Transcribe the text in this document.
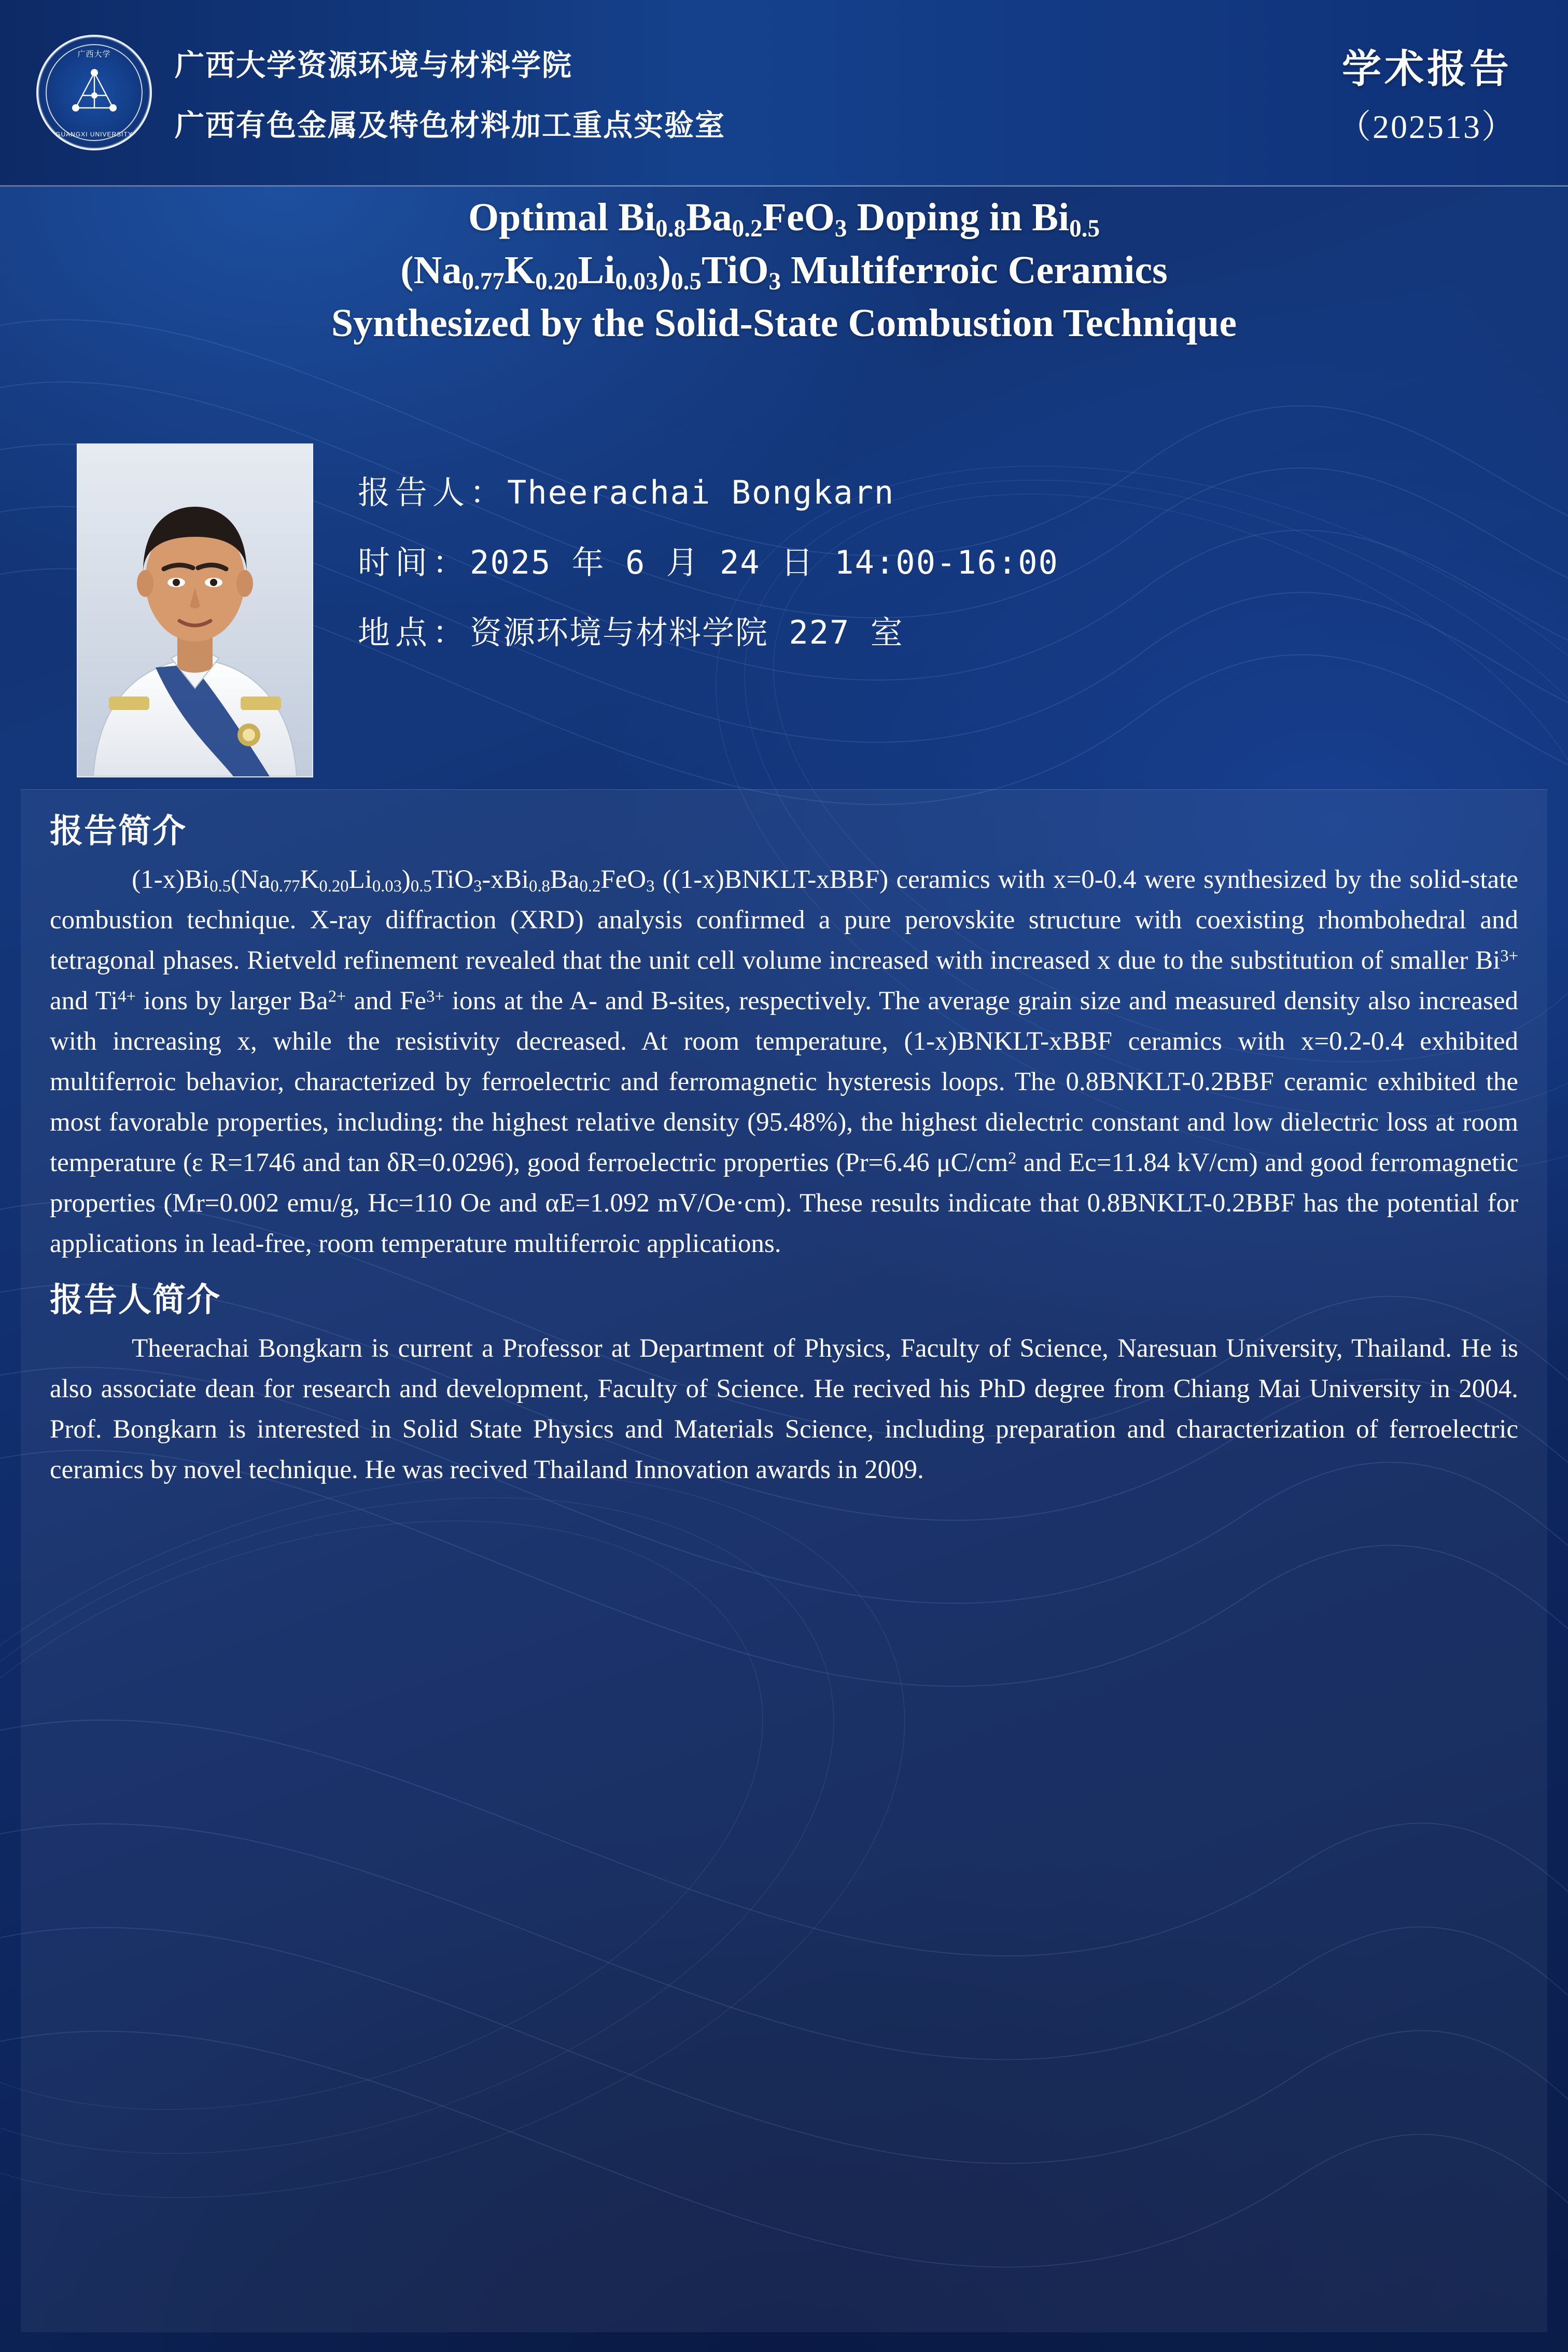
广西大学
GUANGXI UNIVERSITY
广西大学资源环境与材料学院
广西有色金属及特色材料加工重点实验室
学术报告
（202513）
Optimal $Bi_{0.8}Ba_{0.2}FeO_3$ Doping in $Bi_{0.5}$
$(Na_{0.77}K_{0.20}Li_{0.03})_{0.5}TiO_3$ Multiferroic Ceramics
Synthesized by the Solid-State Combustion Technique
报告人：Theerachai Bongkarn
时间：2025 年 6 月 24 日 14:00-16:00
地点：资源环境与材料学院 227 室
报告简介
$(1-x)Bi_{0.5}(Na_{0.77}K_{0.20}Li_{0.03})_{0.5}TiO_3-xBi_{0.8}Ba_{0.2}FeO_3$ ((1-x)BNKLT-xBBF) ceramics with x=0-0.4 were synthesized by the solid-state combustion technique. X-ray diffraction (XRD) analysis confirmed a pure perovskite structure with coexisting rhombohedral and tetragonal phases. Rietveld refinement revealed that the unit cell volume increased with increased x due to the substitution of smaller $Bi^{3+}$ and $Ti^{4+}$ ions by larger $Ba^{2+}$ and $Fe^{3+}$ ions at the A- and B-sites, respectively. The average grain size and measured density also increased with increasing x, while the resistivity decreased. At room temperature, (1-x)BNKLT-xBBF ceramics with x=0.2-0.4 exhibited multiferroic behavior, characterized by ferroelectric and ferromagnetic hysteresis loops. The 0.8BNKLT-0.2BBF ceramic exhibited the most favorable properties, including: the highest relative density (95.48%), the highest dielectric constant and low dielectric loss at room temperature (ε R=1746 and tan δR=0.0296), good ferroelectric properties (Pr=6.46 $\mu C/cm^2$ and Ec=11.84 kV/cm) and good ferromagnetic properties (Mr=0.002 emu/g, Hc=110 Oe and αE=1.092 mV/Oe·cm). These results indicate that 0.8BNKLT-0.2BBF has the potential for applications in lead-free, room temperature multiferroic applications.
报告人简介
Theerachai Bongkarn is current a Professor at Department of Physics, Faculty of Science, Naresuan University, Thailand. He is also associate dean for research and development, Faculty of Science. He recived his PhD degree from Chiang Mai University in 2004. Prof. Bongkarn is interested in Solid State Physics and Materials Science, including preparation and characterization of ferroelectric ceramics by novel technique. He was recived Thailand Innovation awards in 2009.
